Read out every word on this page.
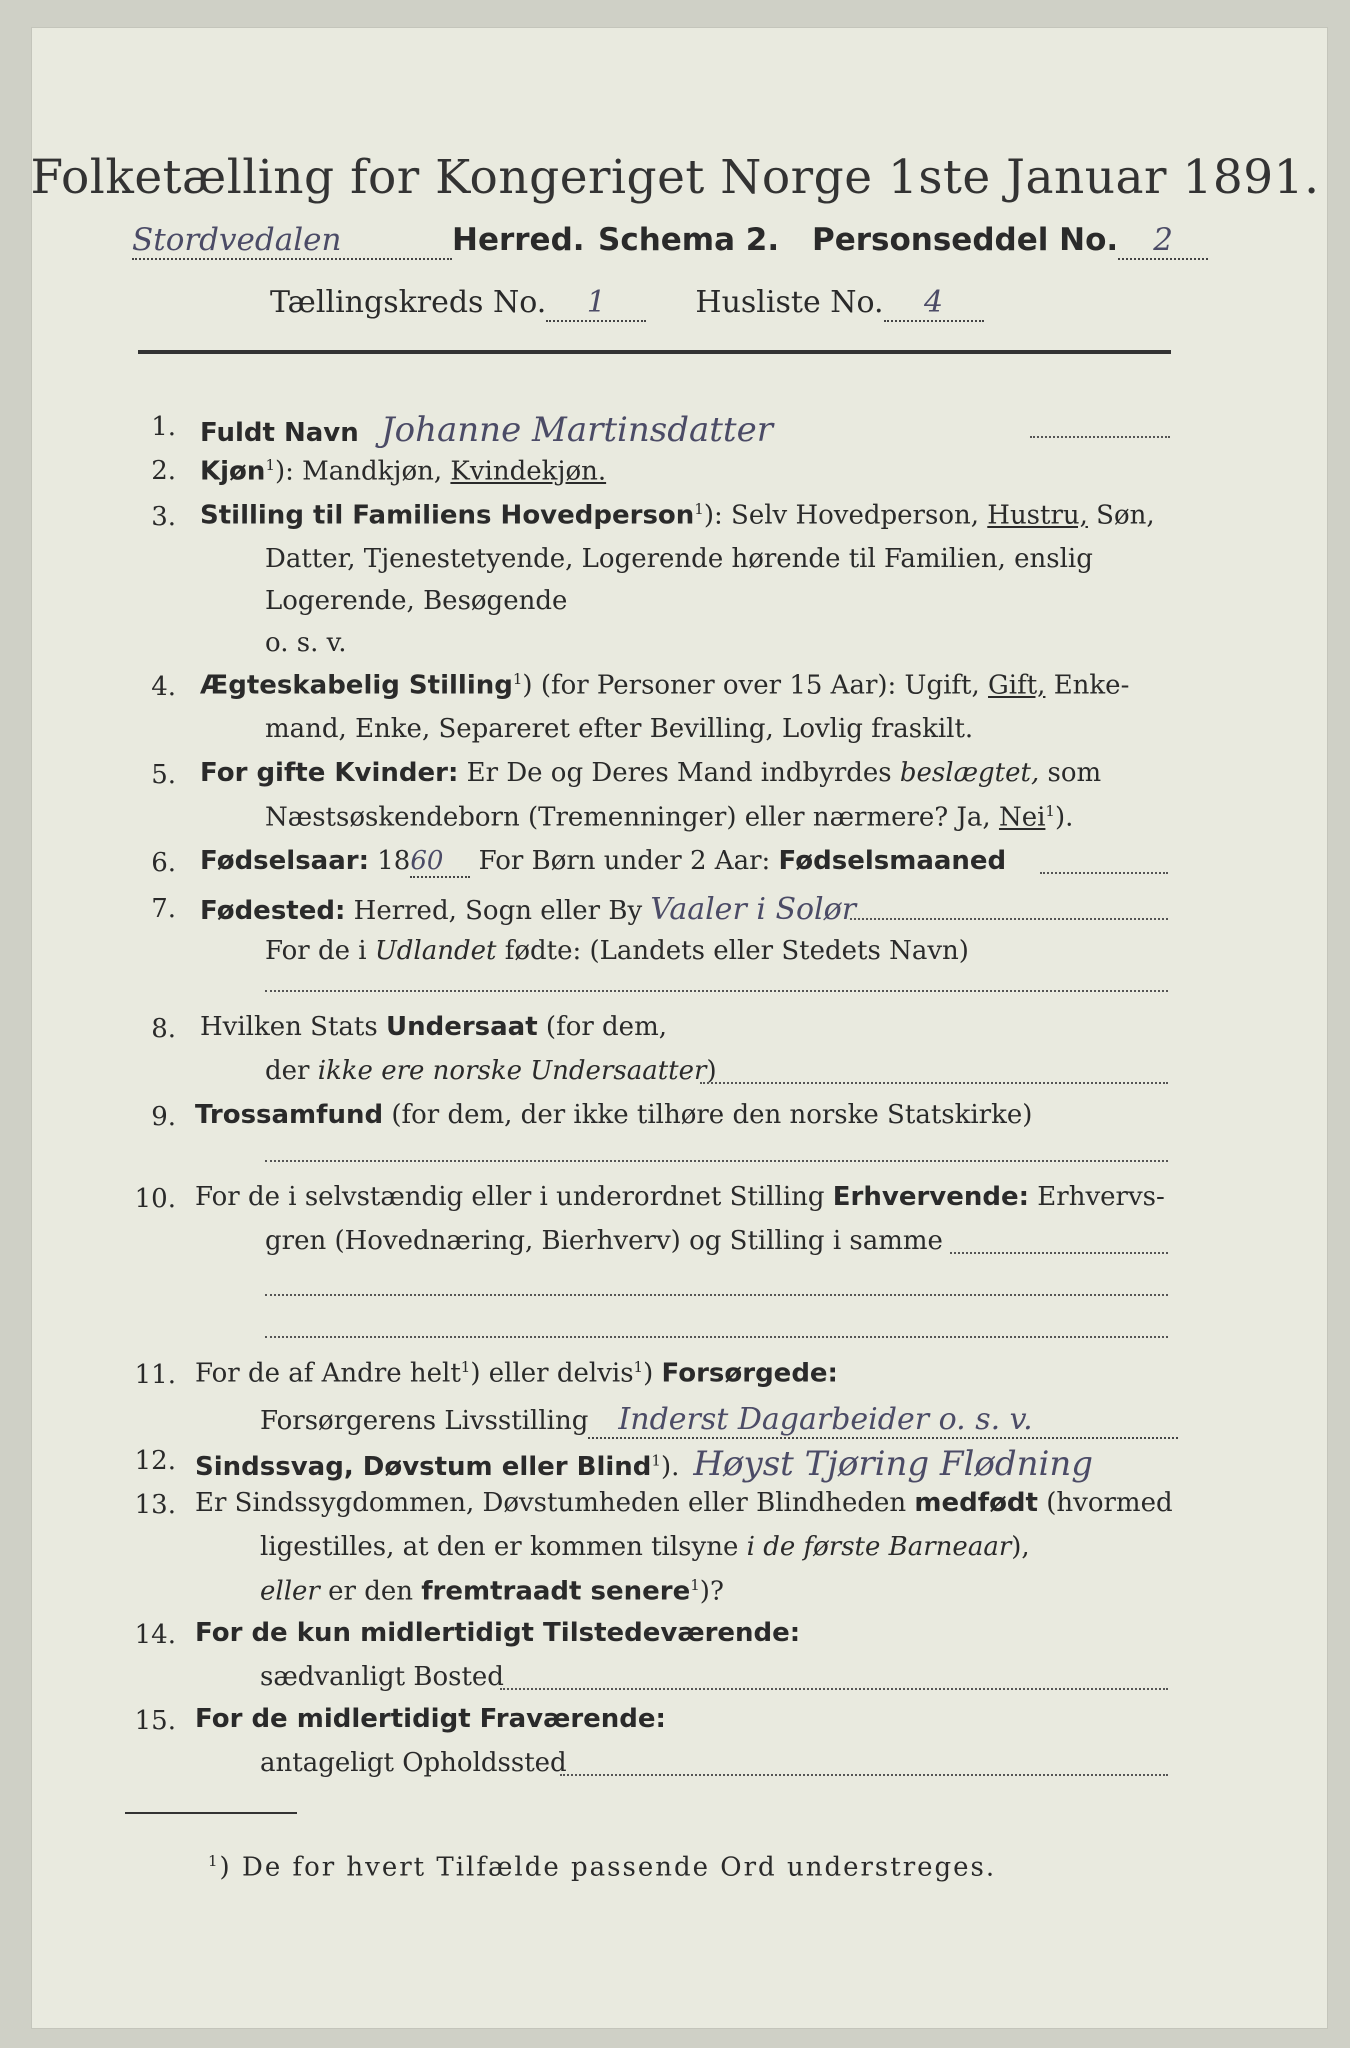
Folketælling for Kongeriget Norge 1ste Januar 1891.
Stordvedalen	Herred. Schema 2. Personseddel No. 2
Tællingskreds No. 1	Husliste No. 4
1. Fuldt Navn Johanne Martinsdatter
2. Kjøn$^1$): Mandkjøn, Kvindekjøn.
3. Stilling til Familiens Hovedperson$^1$): Selv Hovedperson, Hustru, Søn,
Datter, Tjenestetyende, Logerende hørende til Familien, enslig
Logerende, Besøgende
o. s. v.
4. Ægteskabelig Stilling$^1$) (for Personer over 15 Aar): Ugift, Gift, Enke-
mand, Enke, Separeret efter Bevilling, Lovlig fraskilt.
5. For gifte Kvinder: Er De og Deres Mand indbyrdes beslægtet, som
Næstsøskendeborn (Tremenninger) eller nærmere? Ja, Nei$^1$).
6. Fødselsaar: 1860 For Børn under 2 Aar: Fødselsmaaned
7. Fødested: Herred, Sogn eller By Vaaler i Solør
For de i Udlandet fødte: (Landets eller Stedets Navn)
8. Hvilken Stats Undersaat (for dem,
der ikke ere norske Undersaatter)
9. Trossamfund (for dem, der ikke tilhøre den norske Statskirke)
10. For de i selvstændig eller i underordnet Stilling Erhvervende: Erhvervs-
gren (Hovednæring, Bierhverv) og Stilling i samme
11. For de af Andre helt$^1$) eller delvis$^1$) Forsørgede:
Forsørgerens Livsstilling Inderst Dagarbeider o. s. v.
12. Sindssvag, Døvstum eller Blind$^1$). Høyst Tjøring Flødning
13. Er Sindssygdommen, Døvstumheden eller Blindheden medfødt (hvormed
ligestilles, at den er kommen tilsyne i de første Barneaar),
eller er den fremtraadt senere$^1$)?
14. For de kun midlertidigt Tilstedeværende:
sædvanligt Bosted
15. For de midlertidigt Fraværende:
antageligt Opholdssted
$^1$) De for hvert Tilfælde passende Ord understreges.
